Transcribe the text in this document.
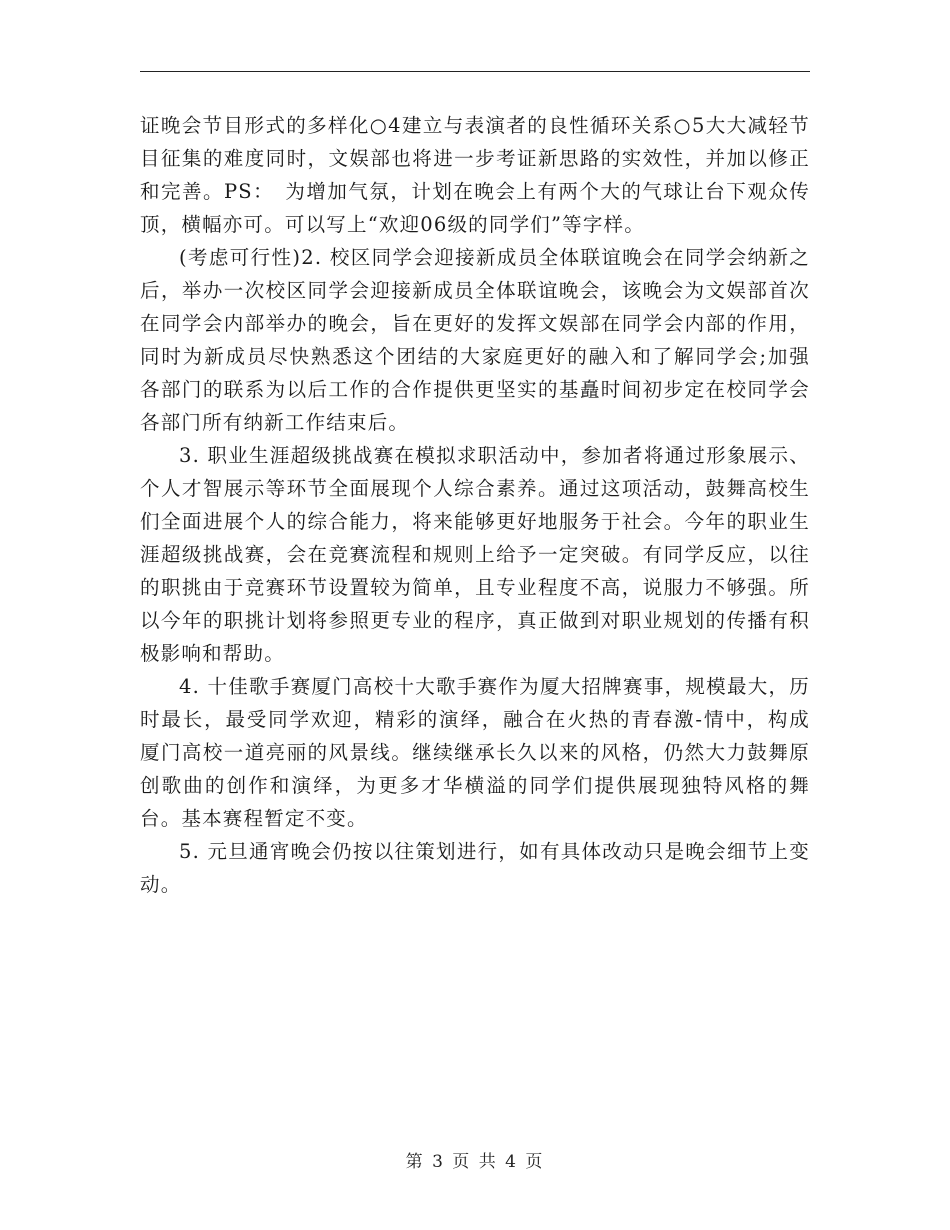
证晚会节目形式的多样化○4建立与表演者的良性循环关系○5大大减轻节目征集的难度同时，文娱部也将进一步考证新思路的实效性，并加以修正和完善。PS：　为增加气氛，计划在晚会上有两个大的气球让台下观众传顶，横幅亦可。可以写上“欢迎06级的同学们”等字样。

(考虑可行性)2. 校区同学会迎接新成员全体联谊晚会在同学会纳新之后，举办一次校区同学会迎接新成员全体联谊晚会，该晚会为文娱部首次在同学会内部举办的晚会，旨在更好的发挥文娱部在同学会内部的作用，同时为新成员尽快熟悉这个团结的大家庭更好的融入和了解同学会;加强各部门的联系为以后工作的合作提供更坚实的基矗时间初步定在校同学会各部门所有纳新工作结束后。

3. 职业生涯超级挑战赛在模拟求职活动中，参加者将通过形象展示、个人才智展示等环节全面展现个人综合素养。通过这项活动，鼓舞高校生们全面进展个人的综合能力，将来能够更好地服务于社会。今年的职业生涯超级挑战赛，会在竞赛流程和规则上给予一定突破。有同学反应，以往的职挑由于竞赛环节设置较为简单，且专业程度不高，说服力不够强。所以今年的职挑计划将参照更专业的程序，真正做到对职业规划的传播有积极影响和帮助。

4. 十佳歌手赛厦门高校十大歌手赛作为厦大招牌赛事，规模最大，历时最长，最受同学欢迎，精彩的演绎，融合在火热的青春激-情中，构成厦门高校一道亮丽的风景线。继续继承长久以来的风格，仍然大力鼓舞原创歌曲的创作和演绎，为更多才华横溢的同学们提供展现独特风格的舞台。基本赛程暂定不变。

5. 元旦通宵晚会仍按以往策划进行，如有具体改动只是晚会细节上变动。

第 3 页 共 4 页
